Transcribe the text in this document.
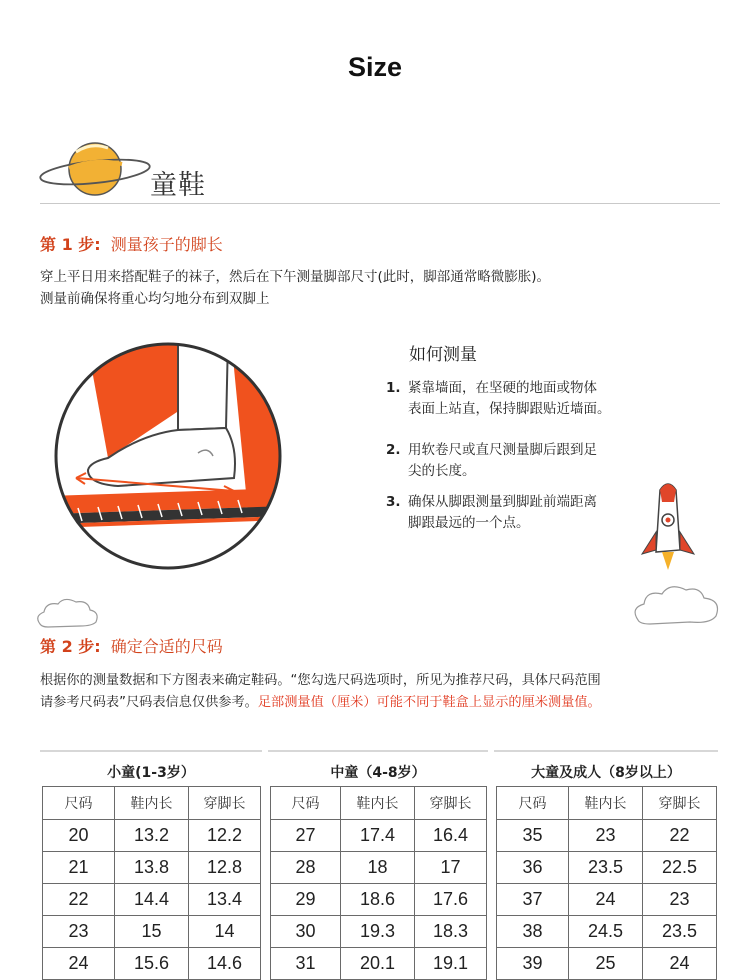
Size
童鞋
第 1 步: 测量孩子的脚长
穿上平日用来搭配鞋子的袜子，然后在下午测量脚部尺寸(此时，脚部通常略微膨胀)。
测量前确保将重心均匀地分布到双脚上
如何测量
1. 紧靠墙面，在坚硬的地面或物体
表面上站直，保持脚跟贴近墙面。
2. 用软卷尺或直尺测量脚后跟到足
尖的长度。
3. 确保从脚跟测量到脚趾前端距离
脚跟最远的一个点。
第 2 步: 确定合适的尺码
根据你的测量数据和下方图表来确定鞋码。“您勾选尺码选项时，所见为推荐尺码，具体尺码范围
请参考尺码表”尺码表信息仅供参考。足部测量值（厘米）可能不同于鞋盒上显示的厘米测量值。
小童(1-3岁）	中童（4-8岁）	大童及成人（8岁以上）
尺码	鞋内长	穿脚长
20	13.2	12.2
21	13.8	12.8
22	14.4	13.4
23	15	14
24	15.6	14.6
尺码	鞋内长	穿脚长
27	17.4	16.4
28	18	17
29	18.6	17.6
30	19.3	18.3
31	20.1	19.1
尺码	鞋内长	穿脚长
35	23	22
36	23.5	22.5
37	24	23
38	24.5	23.5
39	25	24
